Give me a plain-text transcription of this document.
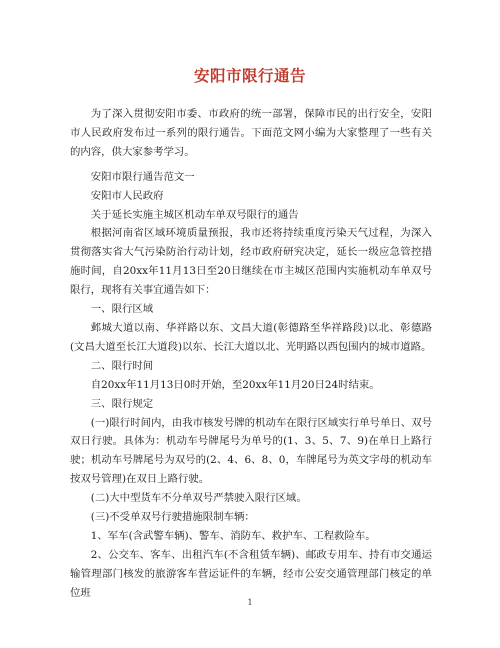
安阳市限行通告

为了深入贯彻安阳市委、市政府的统一部署，保障市民的出行安全，安阳市人民政府发布过一系列的限行通告。下面范文网小编为大家整理了一些有关的内容，供大家参考学习。

安阳市限行通告范文一

安阳市人民政府

关于延长实施主城区机动车单双号限行的通告

根据河南省区域环境质量预报，我市还将持续重度污染天气过程，为深入贯彻落实省大气污染防治行动计划，经市政府研究决定，延长一级应急管控措施时间，自20xx年11月13日至20日继续在市主城区范围内实施机动车单双号限行，现将有关事宜通告如下：

一、限行区域

邺城大道以南、华祥路以东、文昌大道(彰德路至华祥路段)以北、彰德路(文昌大道至长江大道段)以东、长江大道以北、光明路以西包围内的城市道路。

二、限行时间

自20xx年11月13日0时开始，至20xx年11月20日24时结束。

三、限行规定

(一)限行时间内，由我市核发号牌的机动车在限行区域实行单号单日、双号双日行驶。具体为：机动车号牌尾号为单号的(1、3、5、7、9)在单日上路行驶；机动车号牌尾号为双号的(2、4、6、8、0，车牌尾号为英文字母的机动车按双号管理)在双日上路行驶。

(二)大中型货车不分单双号严禁驶入限行区域。

(三)不受单双号行驶措施限制车辆：

1、军车(含武警车辆)、警车、消防车、救护车、工程救险车。

2、公交车、客车、出租汽车(不含租赁车辆)、邮政专用车、持有市交通运输管理部门核发的旅游客车营运证件的车辆，经市公安交通管理部门核定的单位班

1
